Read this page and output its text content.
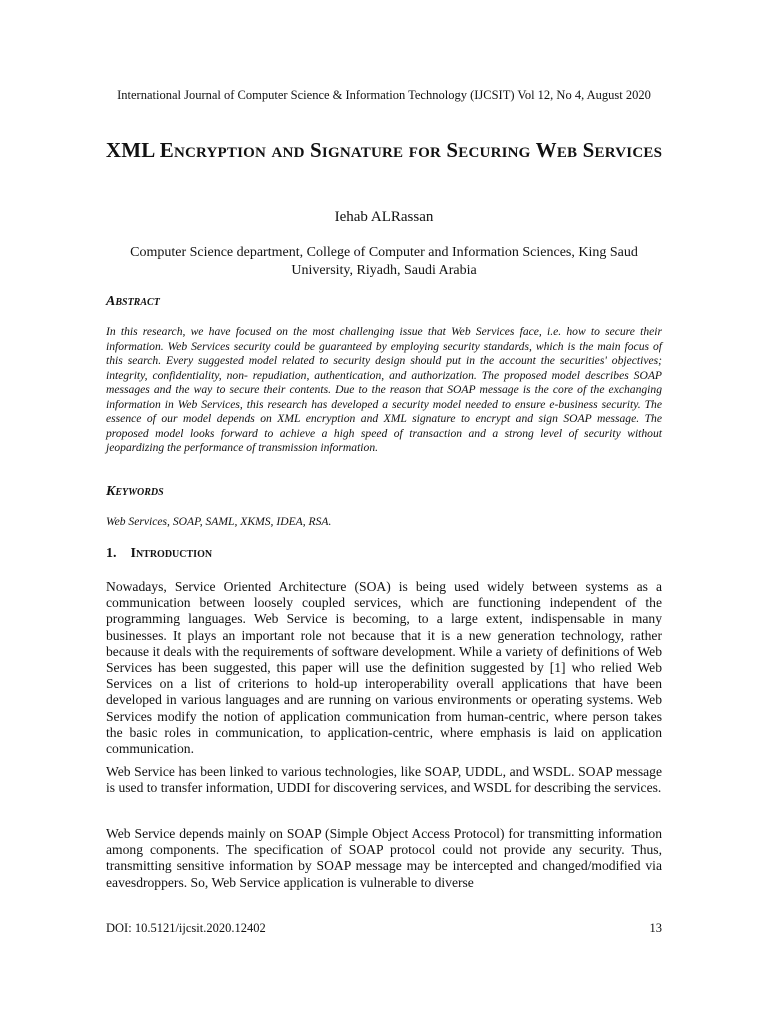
International Journal of Computer Science & Information Technology (IJCSIT) Vol 12, No 4, August 2020
XML Encryption and Signature for Securing Web Services
Iehab ALRassan
Computer Science department, College of Computer and Information Sciences, King Saud University, Riyadh, Saudi Arabia
Abstract
In this research, we have focused on the most challenging issue that Web Services face, i.e. how to secure their information. Web Services security could be guaranteed by employing security standards, which is the main focus of this search. Every suggested model related to security design should put in the account the securities' objectives; integrity, confidentiality, non- repudiation, authentication, and authorization. The proposed model describes SOAP messages and the way to secure their contents. Due to the reason that SOAP message is the core of the exchanging information in Web Services, this research has developed a security model needed to ensure e-business security. The essence of our model depends on XML encryption and XML signature to encrypt and sign SOAP message. The proposed model looks forward to achieve a high speed of transaction and a strong level of security without jeopardizing the performance of transmission information.
Keywords
Web Services, SOAP, SAML, XKMS, IDEA, RSA.
1. Introduction
Nowadays, Service Oriented Architecture (SOA) is being used widely between systems as a communication between loosely coupled services, which are functioning independent of the programming languages. Web Service is becoming, to a large extent, indispensable in many businesses. It plays an important role not because that it is a new generation technology, rather because it deals with the requirements of software development. While a variety of definitions of Web Services has been suggested, this paper will use the definition suggested by [1] who relied Web Services on a list of criterions to hold-up interoperability overall applications that have been developed in various languages and are running on various environments or operating systems. Web Services modify the notion of application communication from human-centric, where person takes the basic roles in communication, to application-centric, where emphasis is laid on application communication.
Web Service has been linked to various technologies, like SOAP, UDDL, and WSDL. SOAP message is used to transfer information, UDDI for discovering services, and WSDL for describing the services.
Web Service depends mainly on SOAP (Simple Object Access Protocol) for transmitting information among components. The specification of SOAP protocol could not provide any security. Thus, transmitting sensitive information by SOAP message may be intercepted and changed/modified via eavesdroppers. So, Web Service application is vulnerable to diverse
DOI: 10.5121/ijcsit.2020.12402	13
